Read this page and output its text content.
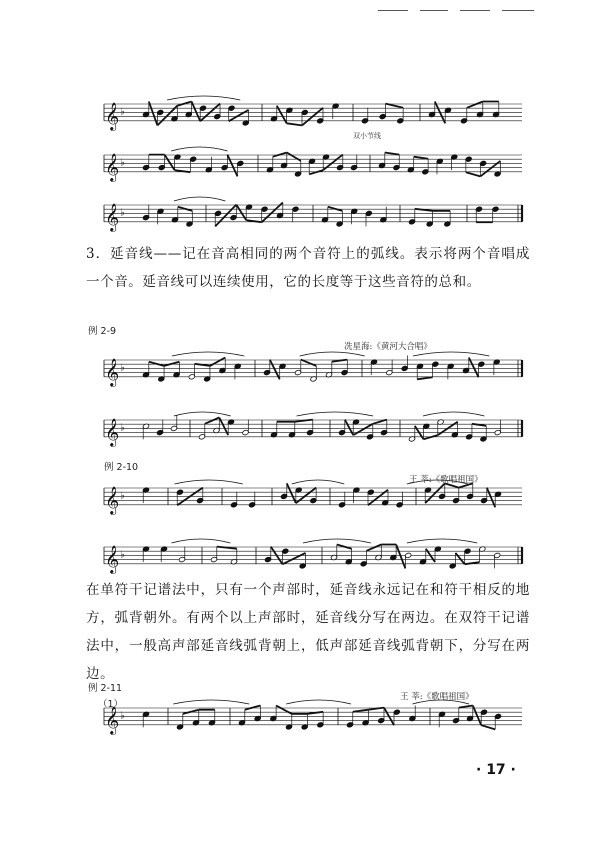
𝄞 ♭
𝄞 ♭
𝄞 ♭
𝄞 ♭
𝄞 ♭
𝄞 ♭
𝄞 ♭
𝄞 ♭
双小节线
3．延音线——记在音高相同的两个音符上的弧线。表示将两个音唱成一个音。延音线可以连续使用，它的长度等于这些音符的总和。
例 2-9
冼星海:《黄河大合唱》
例 2-10
王 莘:《歌唱祖国》
在单符干记谱法中，只有一个声部时，延音线永远记在和符干相反的地方，弧背朝外。有两个以上声部时，延音线分写在两边。在双符干记谱法中，一般高声部延音线弧背朝上，低声部延音线弧背朝下，分写在两边。
例 2-11
（1）
王 莘:《歌唱祖国》
· 17 ·
